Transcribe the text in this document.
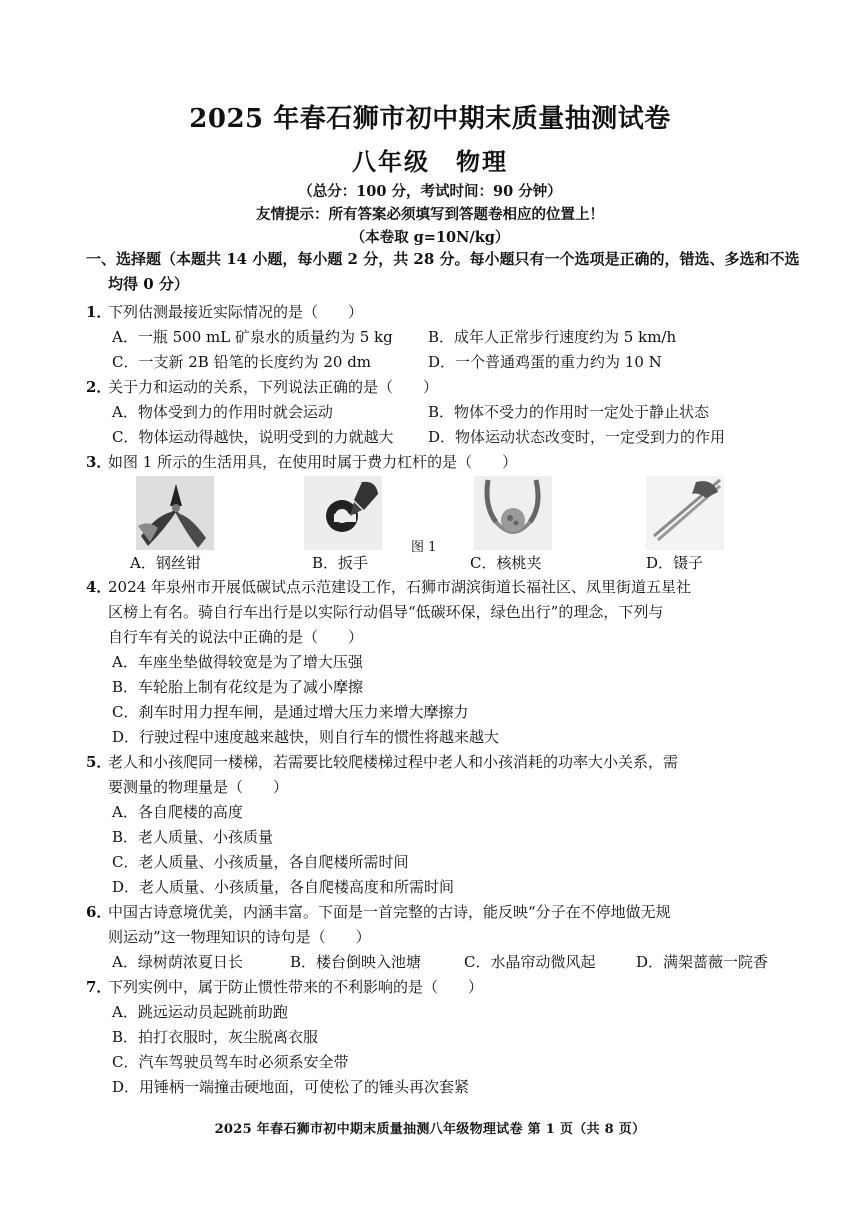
2025 年春石狮市初中期末质量抽测试卷
八年级　物理
（总分：100 分，考试时间：90 分钟）
友情提示：所有答案必须填写到答题卷相应的位置上！
（本卷取 g=10N/kg）
一、选择题（本题共 14 小题，每小题 2 分，共 28 分。每小题只有一个选项是正确的，错选、多选和不选均得 0 分）
1．
下列估测最接近实际情况的是（　　）
A．一瓶 500 mL 矿泉水的质量约为 5 kg	B．成年人正常步行速度约为 5 km/h
C．一支新 2B 铅笔的长度约为 20 dm	D．一个普通鸡蛋的重力约为 10 N
2．
关于力和运动的关系，下列说法正确的是（　　）
A．物体受到力的作用时就会运动	B．物体不受力的作用时一定处于静止状态
C．物体运动得越快，说明受到的力就越大	D．物体运动状态改变时，一定受到力的作用
3．
如图 1 所示的生活用具，在使用时属于费力杠杆的是（　　）
图 1
A．钢丝钳	B．扳手	C．核桃夹	D．镊子
4．
2024 年泉州市开展低碳试点示范建设工作，石狮市湖滨街道长福社区、凤里街道五星社
区榜上有名。骑自行车出行是以实际行动倡导“低碳环保，绿色出行”的理念，下列与
自行车有关的说法中正确的是（　　）
A．车座坐垫做得较宽是为了增大压强
B．车轮胎上制有花纹是为了减小摩擦
C．刹车时用力捏车闸，是通过增大压力来增大摩擦力
D．行驶过程中速度越来越快，则自行车的惯性将越来越大
5．
老人和小孩爬同一楼梯，若需要比较爬楼梯过程中老人和小孩消耗的功率大小关系，需
要测量的物理量是（　　）
A．各自爬楼的高度
B．老人质量、小孩质量
C．老人质量、小孩质量，各自爬楼所需时间
D．老人质量、小孩质量，各自爬楼高度和所需时间
6．
中国古诗意境优美，内涵丰富。下面是一首完整的古诗，能反映“分子在不停地做无规
则运动”这一物理知识的诗句是（　　）
A．绿树荫浓夏日长	B．楼台倒映入池塘	C．水晶帘动微风起	D．满架蔷薇一院香
7．
下列实例中，属于防止惯性带来的不利影响的是（　　）
A．跳远运动员起跳前助跑
B．拍打衣服时，灰尘脱离衣服
C．汽车驾驶员驾车时必须系安全带
D．用锤柄一端撞击硬地面，可使松了的锤头再次套紧
2025 年春石狮市初中期末质量抽测八年级物理试卷 第 1 页（共 8 页）
